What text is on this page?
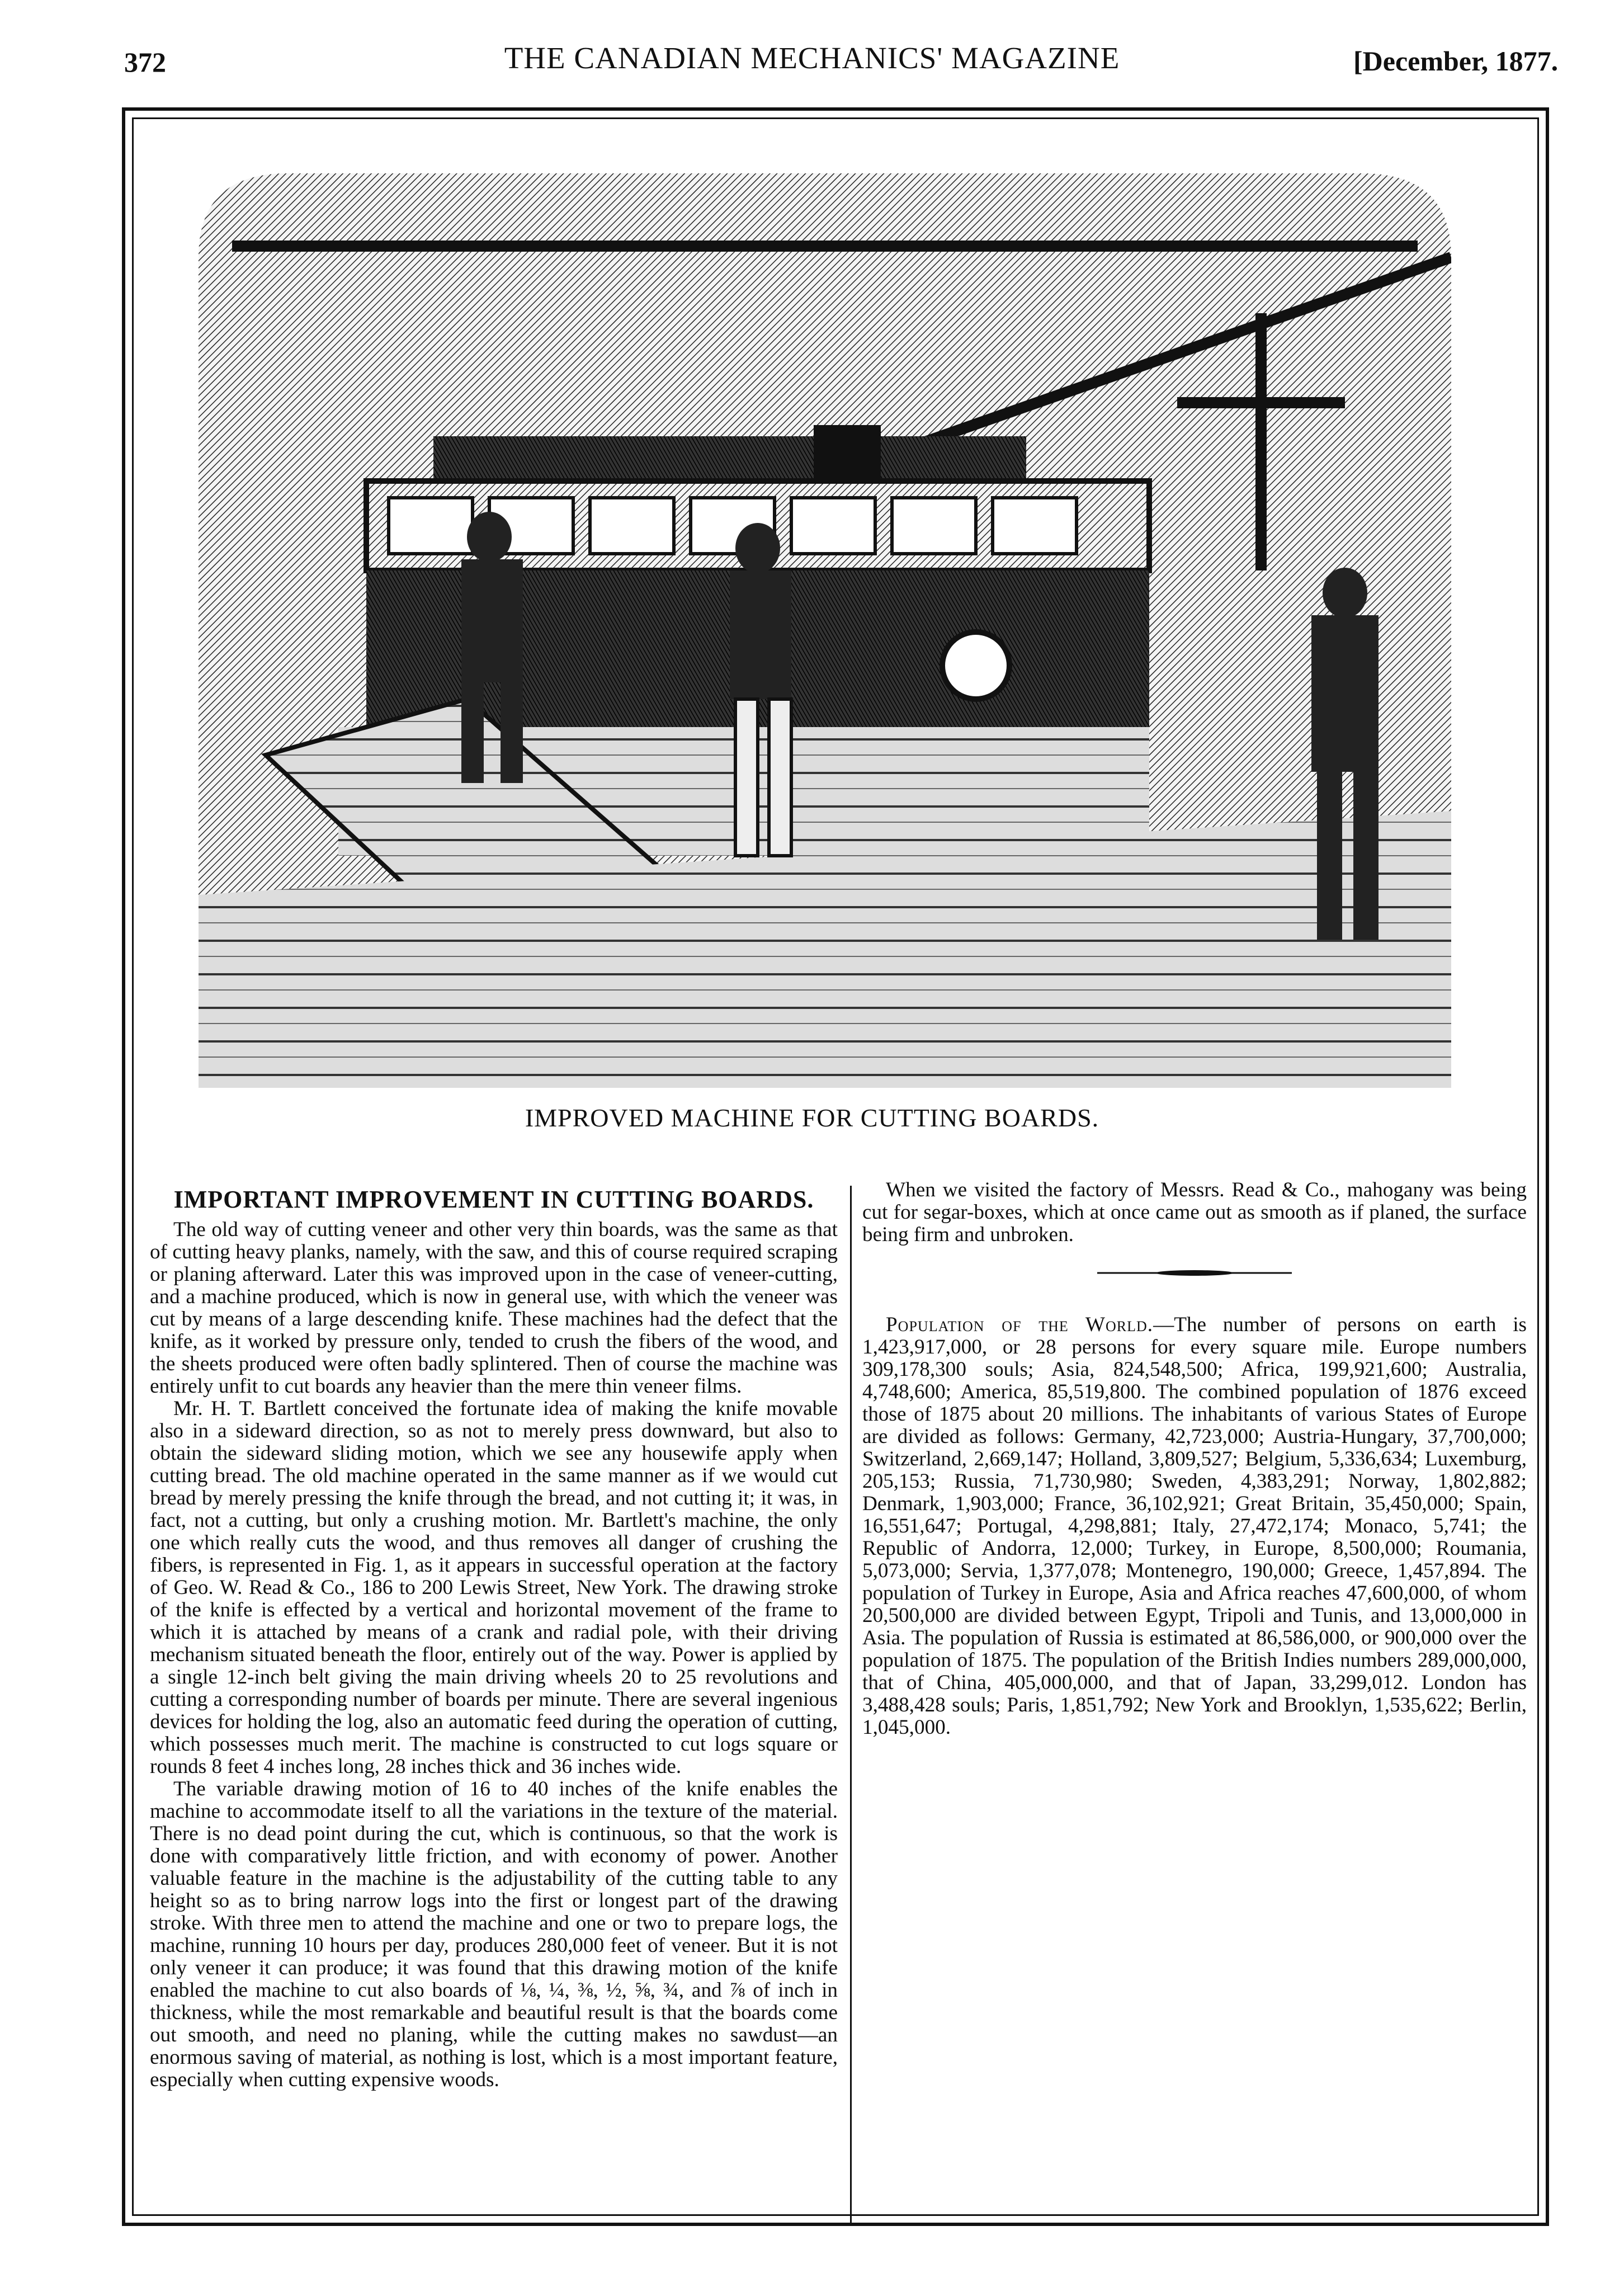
372	THE CANADIAN MECHANICS' MAGAZINE	[December, 1877.
IMPROVED MACHINE FOR CUTTING BOARDS.
IMPORTANT IMPROVEMENT IN CUTTING BOARDS.

The old way of cutting veneer and other very thin boards, was the same as that of cutting heavy planks, namely, with the saw, and this of course required scraping or planing afterward. Later this was improved upon in the case of veneer-cutting, and a machine produced, which is now in general use, with which the veneer was cut by means of a large descending knife. These machines had the defect that the knife, as it worked by pressure only, tended to crush the fibers of the wood, and the sheets produced were often badly splintered. Then of course the machine was entirely unfit to cut boards any heavier than the mere thin veneer films.

Mr. H. T. Bartlett conceived the fortunate idea of making the knife movable also in a sideward direction, so as not to merely press downward, but also to obtain the sideward sliding motion, which we see any housewife apply when cutting bread. The old machine operated in the same manner as if we would cut bread by merely pressing the knife through the bread, and not cutting it; it was, in fact, not a cutting, but only a crushing motion. Mr. Bartlett's machine, the only one which really cuts the wood, and thus removes all danger of crushing the fibers, is represented in Fig. 1, as it appears in successful operation at the factory of Geo. W. Read & Co., 186 to 200 Lewis Street, New York. The drawing stroke of the knife is effected by a vertical and horizontal movement of the frame to which it is attached by means of a crank and radial pole, with their driving mechanism situated beneath the floor, entirely out of the way. Power is applied by a single 12-inch belt giving the main driving wheels 20 to 25 revolutions and cutting a corresponding number of boards per minute. There are several ingenious devices for holding the log, also an automatic feed during the operation of cutting, which possesses much merit. The machine is constructed to cut logs square or rounds 8 feet 4 inches long, 28 inches thick and 36 inches wide.

The variable drawing motion of 16 to 40 inches of the knife enables the machine to accommodate itself to all the variations in the texture of the material. There is no dead point during the cut, which is continuous, so that the work is done with comparatively little friction, and with economy of power. Another valuable feature in the machine is the adjustability of the cutting table to any height so as to bring narrow logs into the first or longest part of the drawing stroke. With three men to attend the machine and one or two to prepare logs, the machine, running 10 hours per day, produces 280,000 feet of veneer. But it is not only veneer it can produce; it was found that this drawing motion of the knife enabled the machine to cut also boards of ⅛, ¼, ⅜, ½, ⅝, ¾, and ⅞ of inch in thickness, while the most remarkable and beautiful result is that the boards come out smooth, and need no planing, while the cutting makes no sawdust—an enormous saving of material, as nothing is lost, which is a most important feature, especially when cutting expensive woods.

When we visited the factory of Messrs. Read & Co., mahogany was being cut for segar-boxes, which at once came out as smooth as if planed, the surface being firm and unbroken.

Population of the World.—The number of persons on earth is 1,423,917,000, or 28 persons for every square mile. Europe numbers 309,178,300 souls; Asia, 824,548,500; Africa, 199,921,600; Australia, 4,748,600; America, 85,519,800. The combined population of 1876 exceed those of 1875 about 20 millions. The inhabitants of various States of Europe are divided as follows: Germany, 42,723,000; Austria-Hungary, 37,700,000; Switzerland, 2,669,147; Holland, 3,809,527; Belgium, 5,336,634; Luxemburg, 205,153; Russia, 71,730,980; Sweden, 4,383,291; Norway, 1,802,882; Denmark, 1,903,000; France, 36,102,921; Great Britain, 35,450,000; Spain, 16,551,647; Portugal, 4,298,881; Italy, 27,472,174; Monaco, 5,741; the Republic of Andorra, 12,000; Turkey, in Europe, 8,500,000; Roumania, 5,073,000; Servia, 1,377,078; Montenegro, 190,000; Greece, 1,457,894. The population of Turkey in Europe, Asia and Africa reaches 47,600,000, of whom 20,500,000 are divided between Egypt, Tripoli and Tunis, and 13,000,000 in Asia. The population of Russia is estimated at 86,586,000, or 900,000 over the population of 1875. The population of the British Indies numbers 289,000,000, that of China, 405,000,000, and that of Japan, 33,299,012. London has 3,488,428 souls; Paris, 1,851,792; New York and Brooklyn, 1,535,622; Berlin, 1,045,000.
